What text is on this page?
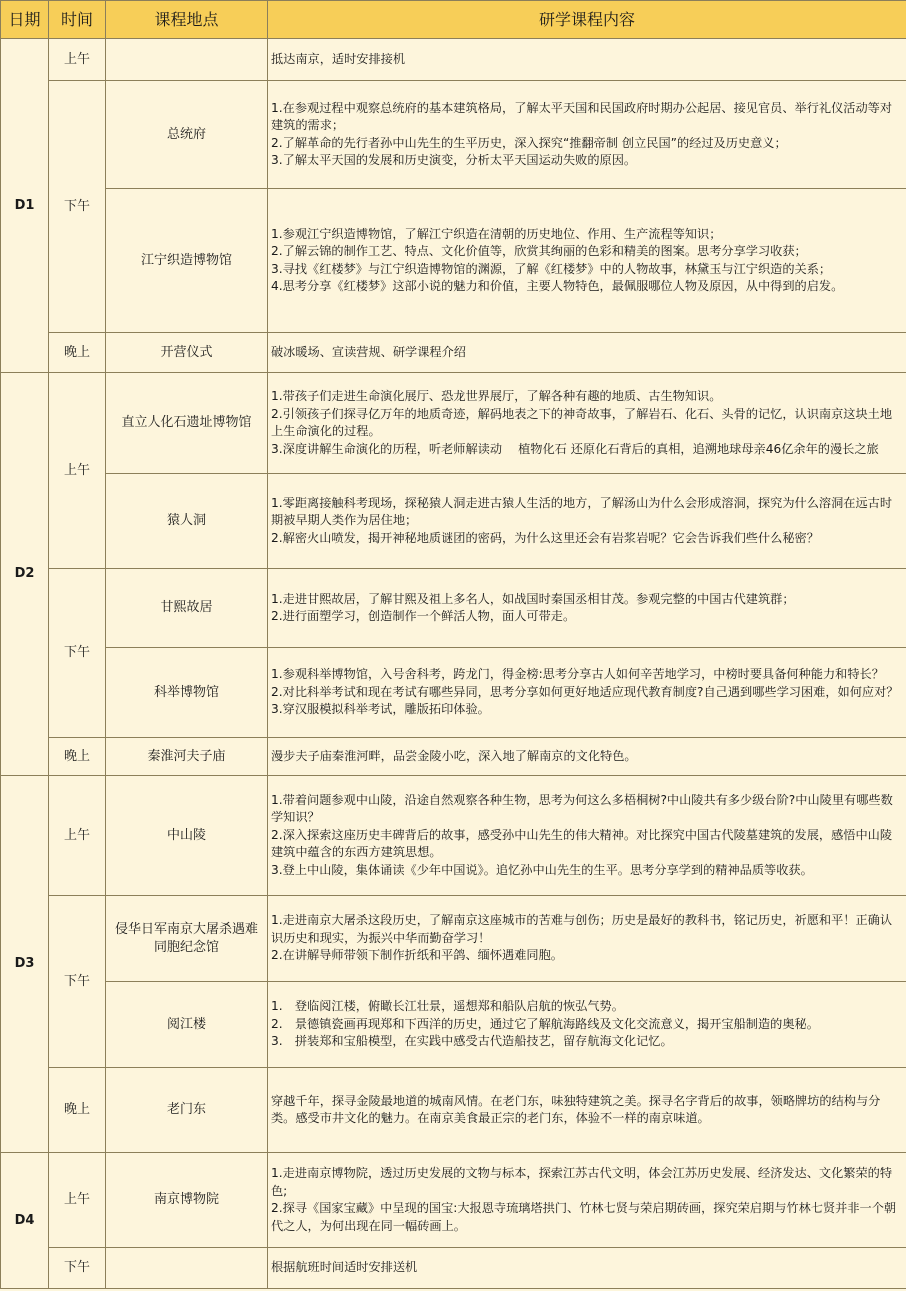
日期	时间	课程地点	研学课程内容
D1	上午		抵达南京，适时安排接机

	下午	总统府	1.在参观过程中观察总统府的基本建筑格局，了解太平天国和民国政府时期办公起居、接见官员、举行礼仪活动等对建筑的需求；
2.了解革命的先行者孙中山先生的生平历史，深入探究“推翻帝制 创立民国”的经过及历史意义；
3.了解太平天国的发展和历史演变，分析太平天国运动失败的原因。

		江宁织造博物馆	1.参观江宁织造博物馆，了解江宁织造在清朝的历史地位、作用、生产流程等知识；
2.了解云锦的制作工艺、特点、文化价值等，欣赏其绚丽的色彩和精美的图案。思考分享学习收获；
3.寻找《红楼梦》与江宁织造博物馆的渊源，了解《红楼梦》中的人物故事，林黛玉与江宁织造的关系；
4.思考分享《红楼梦》这部小说的魅力和价值，主要人物特色，最佩服哪位人物及原因，从中得到的启发。

	晚上	开营仪式	破冰暖场、宣读营规、研学课程介绍

D2	上午	直立人化石遗址博物馆	1.带孩子们走进生命演化展厅、恐龙世界展厅，了解各种有趣的地质、古生物知识。
2.引领孩子们探寻亿万年的地质奇迹，解码地表之下的神奇故事，了解岩石、化石、头骨的记忆，认识南京这块土地上生命演化的过程。
3.深度讲解生命演化的历程，听老师解读动　 植物化石 还原化石背后的真相，追溯地球母亲46亿余年的漫长之旅

		猿人洞	1.零距离接触科考现场，探秘猿人洞走进古猿人生活的地方，了解汤山为什么会形成溶洞，探究为什么溶洞在远古时期被早期人类作为居住地；
2.解密火山喷发，揭开神秘地质谜团的密码，为什么这里还会有岩浆岩呢？它会告诉我们些什么秘密？

	下午	甘熙故居	1.走进甘熙故居，了解甘熙及祖上多名人，如战国时秦国丞相甘茂。参观完整的中国古代建筑群；
2.进行面塑学习，创造制作一个鲜活人物，面人可带走。

		科举博物馆	1.参观科举博物馆，入号舍科考，跨龙门，得金榜:思考分享古人如何辛苦地学习，中榜时要具备何种能力和特长？
2.对比科举考试和现在考试有哪些异同，思考分享如何更好地适应现代教育制度?自己遇到哪些学习困难，如何应对？
3.穿汉服模拟科举考试，雕版拓印体验。

	晚上	秦淮河夫子庙	漫步夫子庙秦淮河畔，品尝金陵小吃，深入地了解南京的文化特色。

D3	上午	中山陵	1.带着问题参观中山陵，沿途自然观察各种生物，思考为何这么多梧桐树?中山陵共有多少级台阶?中山陵里有哪些数学知识？
2.深入探索这座历史丰碑背后的故事，感受孙中山先生的伟大精神。对比探究中国古代陵墓建筑的发展，感悟中山陵建筑中蕴含的东西方建筑思想。
3.登上中山陵，集体诵读《少年中国说》。追忆孙中山先生的生平。思考分享学到的精神品质等收获。

	下午	侵华日军南京大屠杀遇难同胞纪念馆	1.走进南京大屠杀这段历史，了解南京这座城市的苦难与创伤；历史是最好的教科书，铭记历史，祈愿和平！正确认识历史和现实，为振兴中华而勤奋学习！
2.在讲解导师带领下制作折纸和平鸽、缅怀遇难同胞。

		阅江楼	1.　登临阅江楼，俯瞰长江壮景，遥想郑和船队启航的恢弘气势。
2.　景德镇瓷画再现郑和下西洋的历史，通过它了解航海路线及文化交流意义，揭开宝船制造的奥秘。
3.　拼装郑和宝船模型，在实践中感受古代造船技艺，留存航海文化记忆。

	晚上	老门东	穿越千年，探寻金陵最地道的城南风情。在老门东，味独特建筑之美。探寻名字背后的故事，领略牌坊的结构与分类。感受市井文化的魅力。在南京美食最正宗的老门东，体验不一样的南京味道。

D4	上午	南京博物院	1.走进南京博物院，透过历史发展的文物与标本，探索江苏古代文明，体会江苏历史发展、经济发达、文化繁荣的特色;
2.探寻《国家宝藏》中呈现的国宝:大报恩寺琉璃塔拱门、竹林七贤与荣启期砖画，探究荣启期与竹林七贤并非一个朝代之人，为何出现在同一幅砖画上。

	下午		根据航班时间适时安排送机
